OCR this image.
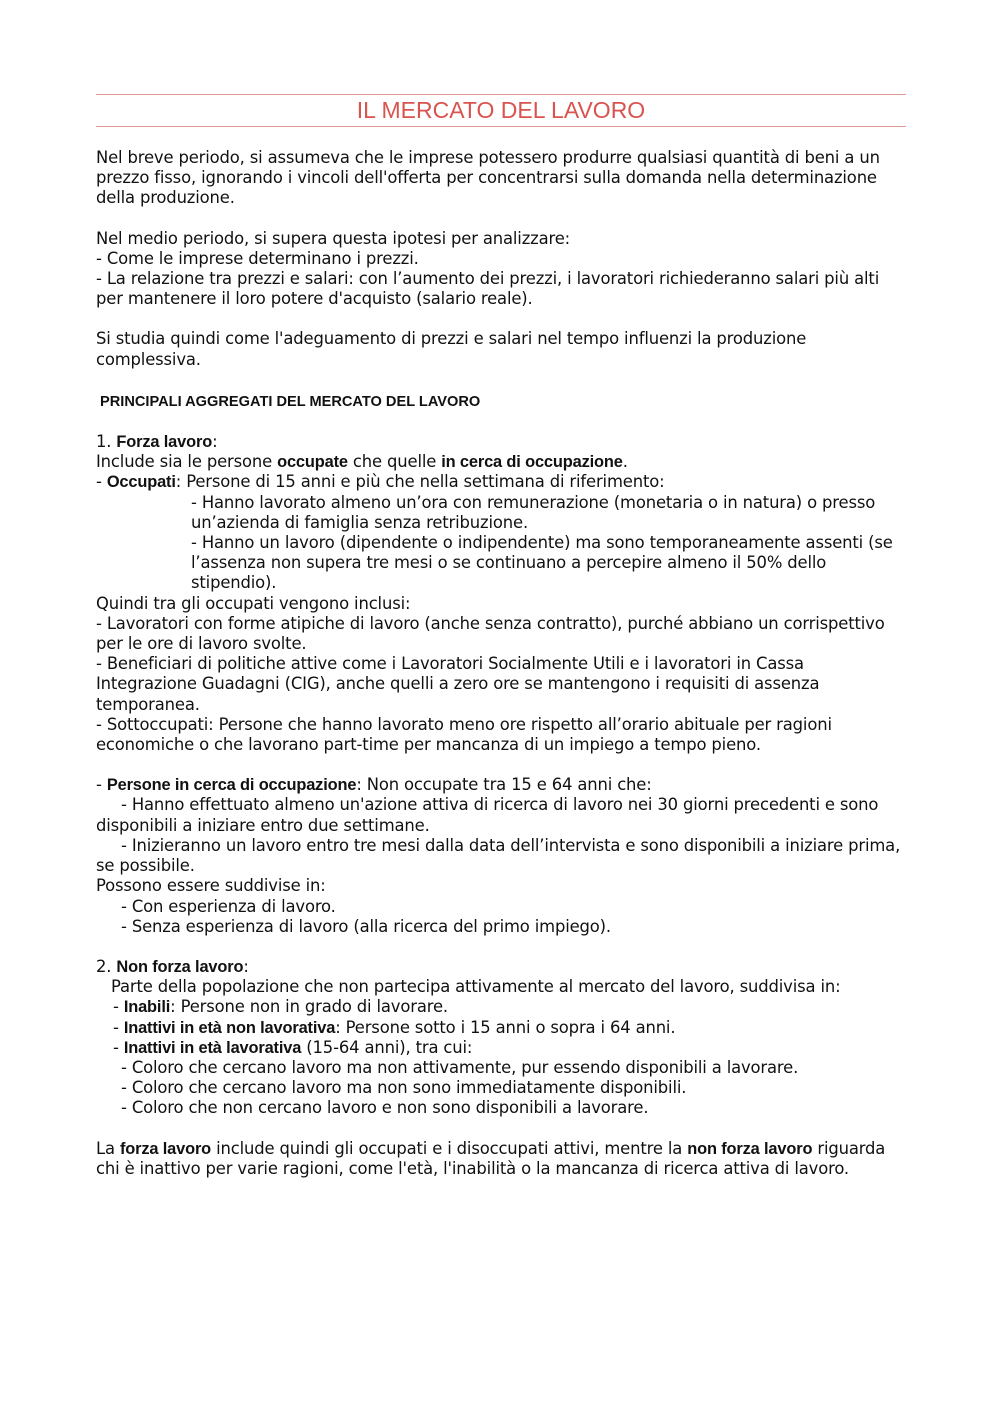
IL MERCATO DEL LAVORO

Nel breve periodo, si assumeva che le imprese potessero produrre qualsiasi quantità di beni a un prezzo fisso, ignorando i vincoli dell'offerta per concentrarsi sulla domanda nella determinazione della produzione.

Nel medio periodo, si supera questa ipotesi per analizzare:

- Come le imprese determinano i prezzi.

- La relazione tra prezzi e salari: con l’aumento dei prezzi, i lavoratori richiederanno salari più alti per mantenere il loro potere d'acquisto (salario reale).

Si studia quindi come l'adeguamento di prezzi e salari nel tempo influenzi la produzione complessiva.

PRINCIPALI AGGREGATI DEL MERCATO DEL LAVORO

1. Forza lavoro:

Include sia le persone occupate che quelle in cerca di occupazione.

- Occupati: Persone di 15 anni e più che nella settimana di riferimento:

- Hanno lavorato almeno un’ora con remunerazione (monetaria o in natura) o presso un’azienda di famiglia senza retribuzione.

- Hanno un lavoro (dipendente o indipendente) ma sono temporaneamente assenti (se l’assenza non supera tre mesi o se continuano a percepire almeno il 50% dello stipendio).

Quindi tra gli occupati vengono inclusi:

- Lavoratori con forme atipiche di lavoro (anche senza contratto), purché abbiano un corrispettivo per le ore di lavoro svolte.

- Beneficiari di politiche attive come i Lavoratori Socialmente Utili e i lavoratori in Cassa Integrazione Guadagni (CIG), anche quelli a zero ore se mantengono i requisiti di assenza temporanea.

- Sottoccupati: Persone che hanno lavorato meno ore rispetto all’orario abituale per ragioni economiche o che lavorano part-time per mancanza di un impiego a tempo pieno.

- Persone in cerca di occupazione: Non occupate tra 15 e 64 anni che:

- Hanno effettuato almeno un'azione attiva di ricerca di lavoro nei 30 giorni precedenti e sono disponibili a iniziare entro due settimane.

- Inizieranno un lavoro entro tre mesi dalla data dell’intervista e sono disponibili a iniziare prima, se possibile.

Possono essere suddivise in:

- Con esperienza di lavoro.

- Senza esperienza di lavoro (alla ricerca del primo impiego).

2. Non forza lavoro:

Parte della popolazione che non partecipa attivamente al mercato del lavoro, suddivisa in:

- Inabili: Persone non in grado di lavorare.

- Inattivi in età non lavorativa: Persone sotto i 15 anni o sopra i 64 anni.

- Inattivi in età lavorativa (15-64 anni), tra cui:

- Coloro che cercano lavoro ma non attivamente, pur essendo disponibili a lavorare.

- Coloro che cercano lavoro ma non sono immediatamente disponibili.

- Coloro che non cercano lavoro e non sono disponibili a lavorare.

La forza lavoro include quindi gli occupati e i disoccupati attivi, mentre la non forza lavoro riguarda chi è inattivo per varie ragioni, come l'età, l'inabilità o la mancanza di ricerca attiva di lavoro.
